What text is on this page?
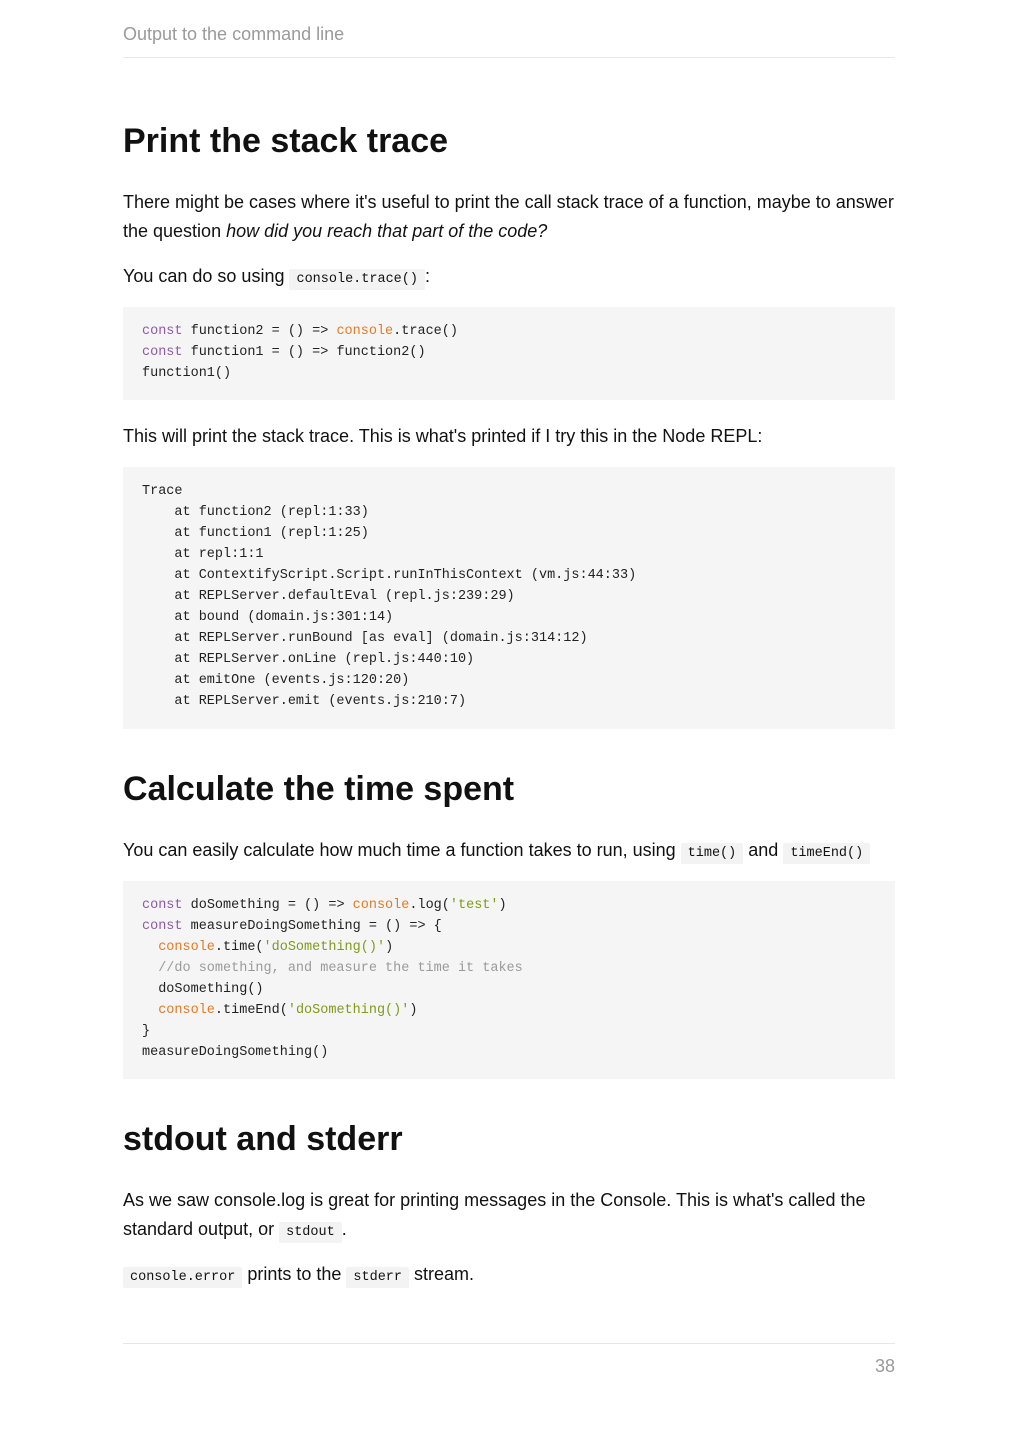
Output to the command line
Print the stack trace

There might be cases where it's useful to print the call stack trace of a function, maybe to answer the question how did you reach that part of the code?

You can do so using console.trace() :

const function2 = () => console.trace()
const function1 = () => function2()
function1()

This will print the stack trace. This is what's printed if I try this in the Node REPL:

Trace
at function2 (repl:1:33)
at function1 (repl:1:25)
at repl:1:1
at ContextifyScript.Script.runInThisContext (vm.js:44:33)
at REPLServer.defaultEval (repl.js:239:29)
at bound (domain.js:301:14)
at REPLServer.runBound [as eval] (domain.js:314:12)
at REPLServer.onLine (repl.js:440:10)
at emitOne (events.js:120:20)
at REPLServer.emit (events.js:210:7)
Calculate the time spent

You can easily calculate how much time a function takes to run, using time() and timeEnd()

const doSomething = () => console.log('test')
const measureDoingSomething = () => {
console.time('doSomething()')
//do something, and measure the time it takes
doSomething()
console.timeEnd('doSomething()')
}
measureDoingSomething()
stdout and stderr

As we saw console.log is great for printing messages in the Console. This is what's called the standard output, or stdout .

console.error prints to the stderr stream.

38
